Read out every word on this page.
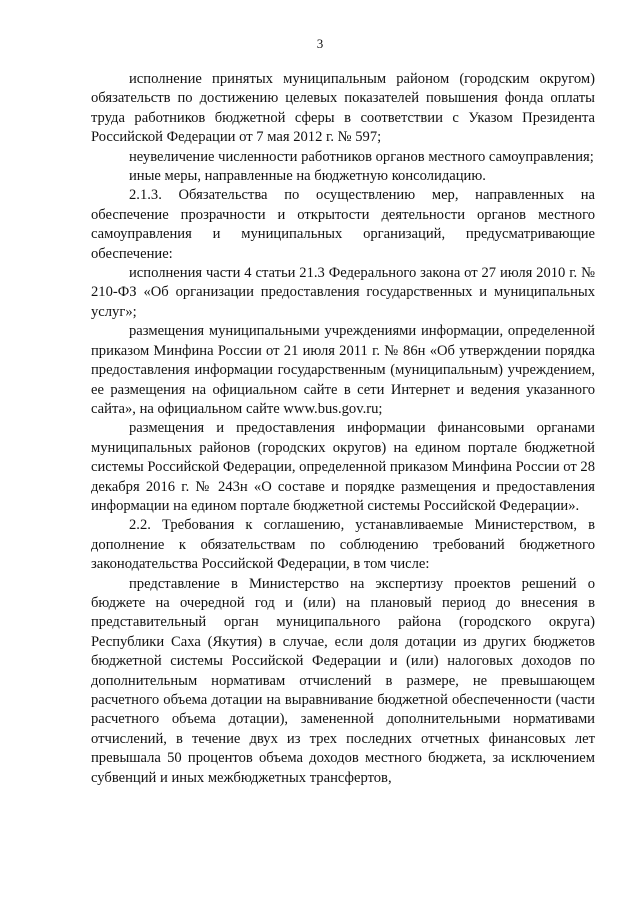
3

исполнение принятых муниципальным районом (городским округом) обязательств по достижению целевых показателей повышения фонда оплаты труда работников бюджетной сферы в соответствии с Указом Президента Российской Федерации от 7 мая 2012 г. № 597;

неувеличение численности работников органов местного самоуправления;

иные меры, направленные на бюджетную консолидацию.

2.1.3. Обязательства по осуществлению мер, направленных на обеспечение прозрачности и открытости деятельности органов местного самоуправления и муниципальных организаций, предусматривающие обеспечение:

исполнения части 4 статьи 21.3 Федерального закона от 27 июля 2010 г. № 210-ФЗ «Об организации предоставления государственных и муниципальных услуг»;

размещения муниципальными учреждениями информации, определенной приказом Минфина России от 21 июля 2011 г. № 86н «Об утверждении порядка предоставления информации государственным (муниципальным) учреждением, ее размещения на официальном сайте в сети Интернет и ведения указанного сайта», на официальном сайте www.bus.gov.ru;

размещения и предоставления информации финансовыми органами муниципальных районов (городских округов) на едином портале бюджетной системы Российской Федерации, определенной приказом Минфина России от 28 декабря 2016 г. № 243н «О составе и порядке размещения и предоставления информации на едином портале бюджетной системы Российской Федерации».

2.2. Требования к соглашению, устанавливаемые Министерством, в дополнение к обязательствам по соблюдению требований бюджетного законодательства Российской Федерации, в том числе:

представление в Министерство на экспертизу проектов решений о бюджете на очередной год и (или) на плановый период до внесения в представительный орган муниципального района (городского округа) Республики Саха (Якутия) в случае, если доля дотации из других бюджетов бюджетной системы Российской Федерации и (или) налоговых доходов по дополнительным нормативам отчислений в размере, не превышающем расчетного объема дотации на выравнивание бюджетной обеспеченности (части расчетного объема дотации), замененной дополнительными нормативами отчислений, в течение двух из трех последних отчетных финансовых лет превышала 50 процентов объема доходов местного бюджета, за исключением субвенций и иных межбюджетных трансфертов,
